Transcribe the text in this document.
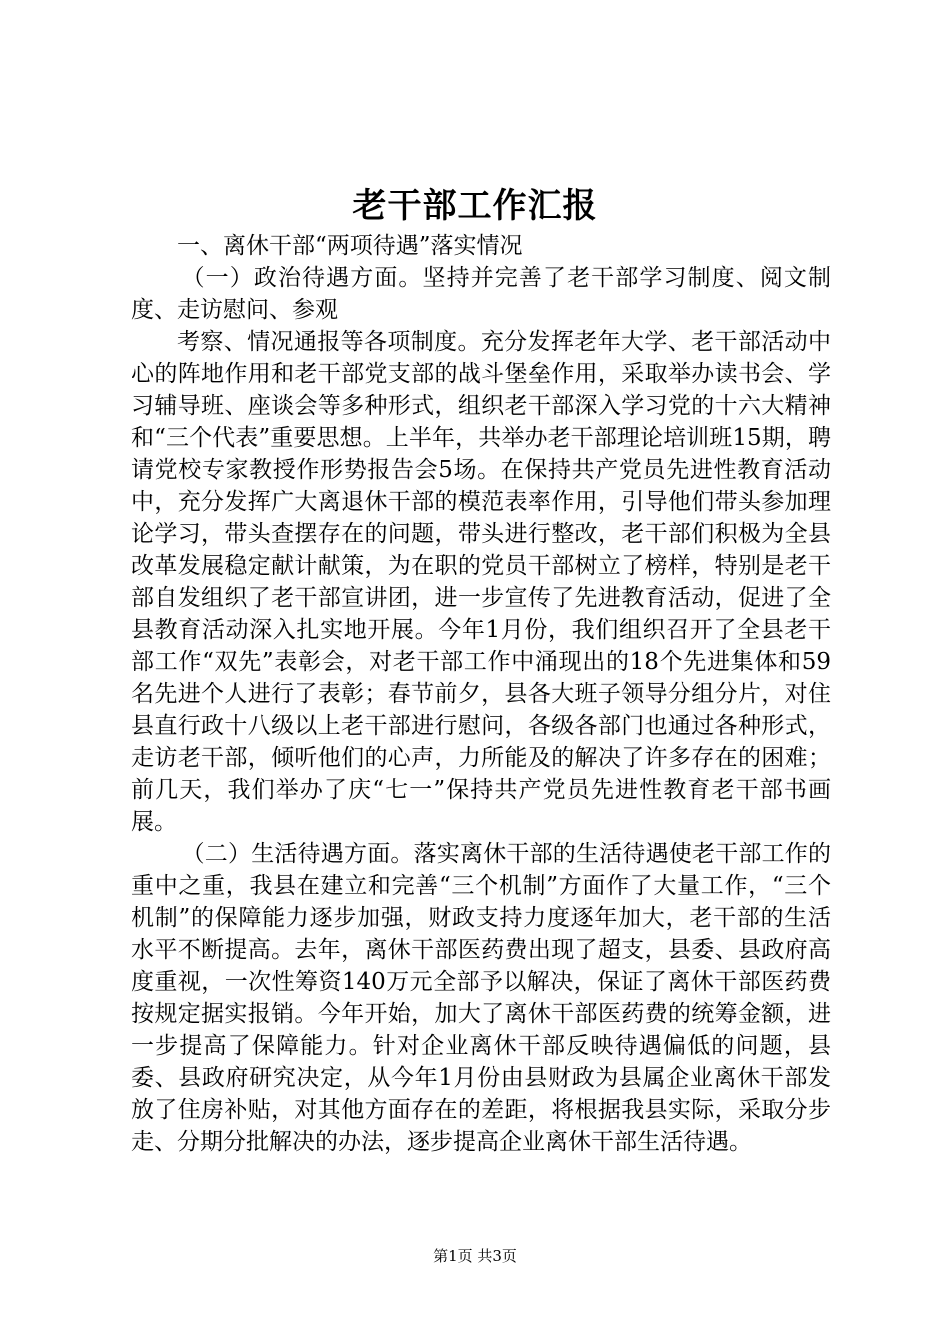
老干部工作汇报

一、离休干部“两项待遇”落实情况

（一）政治待遇方面。坚持并完善了老干部学习制度、阅文制度、走访慰问、参观

考察、情况通报等各项制度。充分发挥老年大学、老干部活动中心的阵地作用和老干部党支部的战斗堡垒作用，采取举办读书会、学习辅导班、座谈会等多种形式，组织老干部深入学习党的十六大精神和“三个代表”重要思想。上半年，共举办老干部理论培训班15期，聘请党校专家教授作形势报告会5场。在保持共产党员先进性教育活动中，充分发挥广大离退休干部的模范表率作用，引导他们带头参加理论学习，带头查摆存在的问题，带头进行整改，老干部们积极为全县改革发展稳定献计献策，为在职的党员干部树立了榜样，特别是老干部自发组织了老干部宣讲团，进一步宣传了先进教育活动，促进了全县教育活动深入扎实地开展。今年1月份，我们组织召开了全县老干部工作“双先”表彰会，对老干部工作中涌现出的18个先进集体和59名先进个人进行了表彰；春节前夕，县各大班子领导分组分片，对住县直行政十八级以上老干部进行慰问，各级各部门也通过各种形式，走访老干部，倾听他们的心声，力所能及的解决了许多存在的困难；前几天，我们举办了庆“七一”保持共产党员先进性教育老干部书画展。

（二）生活待遇方面。落实离休干部的生活待遇使老干部工作的重中之重，我县在建立和完善“三个机制”方面作了大量工作，“三个机制”的保障能力逐步加强，财政支持力度逐年加大，老干部的生活水平不断提高。去年，离休干部医药费出现了超支，县委、县政府高度重视，一次性筹资140万元全部予以解决，保证了离休干部医药费按规定据实报销。今年开始，加大了离休干部医药费的统筹金额，进一步提高了保障能力。针对企业离休干部反映待遇偏低的问题，县委、县政府研究决定，从今年1月份由县财政为县属企业离休干部发放了住房补贴，对其他方面存在的差距，将根据我县实际，采取分步走、分期分批解决的办法，逐步提高企业离休干部生活待遇。

第1页 共3页
